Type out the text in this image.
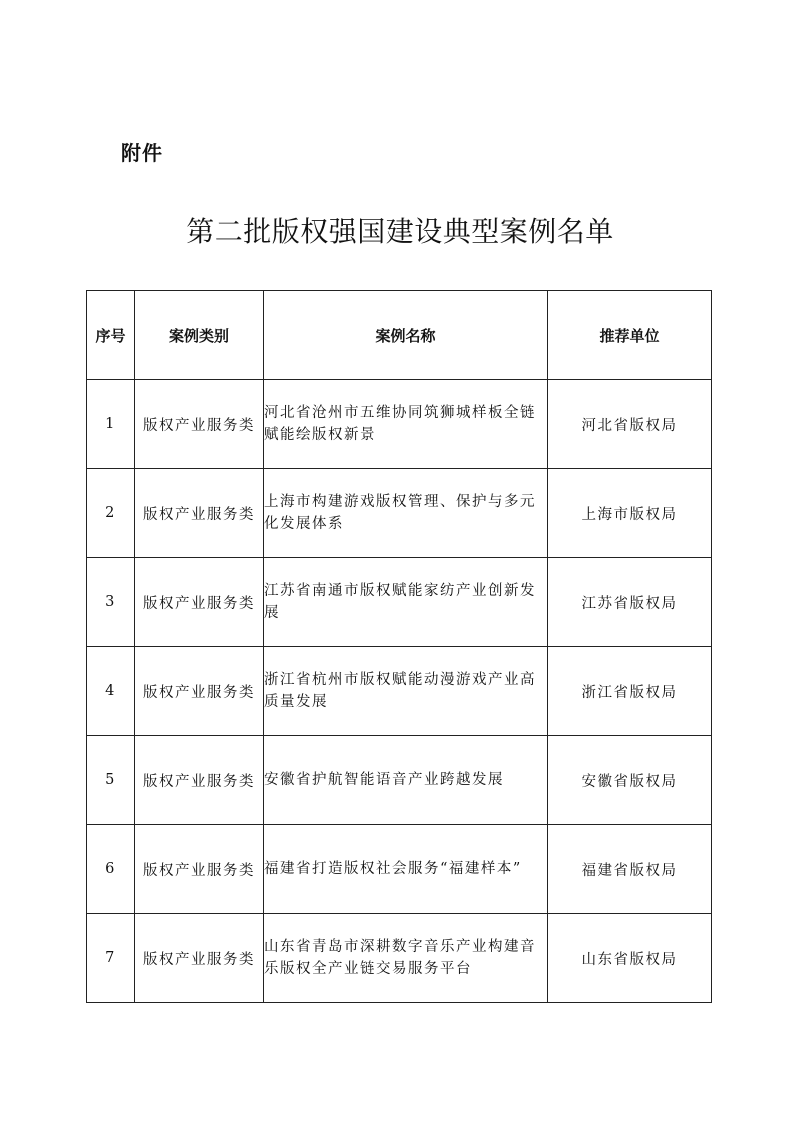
附件
第二批版权强国建设典型案例名单
序号	案例类别	案例名称	推荐单位
1	版权产业服务类	河北省沧州市五维协同筑狮城样板全链赋能绘版权新景	河北省版权局
2	版权产业服务类	上海市构建游戏版权管理、保护与多元化发展体系	上海市版权局
3	版权产业服务类	江苏省南通市版权赋能家纺产业创新发展	江苏省版权局
4	版权产业服务类	浙江省杭州市版权赋能动漫游戏产业高质量发展	浙江省版权局
5	版权产业服务类	安徽省护航智能语音产业跨越发展	安徽省版权局
6	版权产业服务类	福建省打造版权社会服务“福建样本”	福建省版权局
7	版权产业服务类	山东省青岛市深耕数字音乐产业构建音乐版权全产业链交易服务平台	山东省版权局
